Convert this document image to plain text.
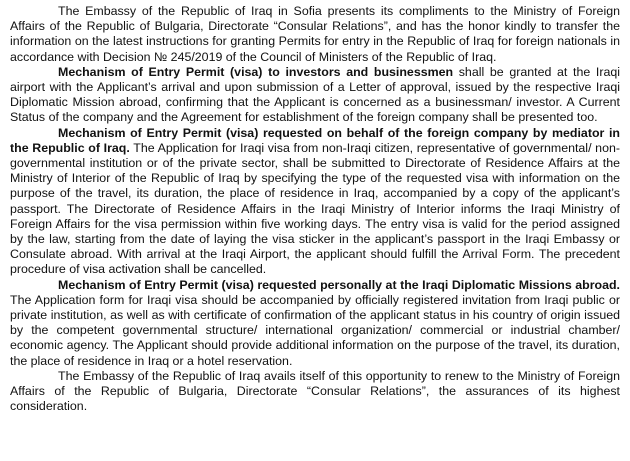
The Embassy of the Republic of Iraq in Sofia presents its compliments to the Ministry of Foreign Affairs of the Republic of Bulgaria, Directorate “Consular Relations”, and has the honor kindly to transfer the information on the latest instructions for granting Permits for entry in the Republic of Iraq for foreign nationals in accordance with Decision № 245/2019 of the Council of Ministers of the Republic of Iraq.

Mechanism of Entry Permit (visa) to investors and businessmen shall be granted at the Iraqi airport with the Applicant’s arrival and upon submission of a Letter of approval, issued by the respective Iraqi Diplomatic Mission abroad, confirming that the Applicant is concerned as a businessman/ investor. A Current Status of the company and the Agreement for establishment of the foreign company shall be presented too.

Mechanism of Entry Permit (visa) requested on behalf of the foreign company by mediator in the Republic of Iraq. The Application for Iraqi visa from non-Iraqi citizen, representative of governmental/ non-governmental institution or of the private sector, shall be submitted to Directorate of Residence Affairs at the Ministry of Interior of the Republic of Iraq by specifying the type of the requested visa with information on the purpose of the travel, its duration, the place of residence in Iraq, accompanied by a copy of the applicant’s passport. The Directorate of Residence Affairs in the Iraqi Ministry of Interior informs the Iraqi Ministry of Foreign Affairs for the visa permission within five working days. The entry visa is valid for the period assigned by the law, starting from the date of laying the visa sticker in the applicant’s passport in the Iraqi Embassy or Consulate abroad. With arrival at the Iraqi Airport, the applicant should fulfill the Arrival Form. The precedent procedure of visa activation shall be cancelled.

Mechanism of Entry Permit (visa) requested personally at the Iraqi Diplomatic Missions abroad. The Application form for Iraqi visa should be accompanied by officially registered invitation from Iraqi public or private institution, as well as with certificate of confirmation of the applicant status in his country of origin issued by the competent governmental structure/ international organization/ commercial or industrial chamber/ economic agency. The Applicant should provide additional information on the purpose of the travel, its duration, the place of residence in Iraq or a hotel reservation.

The Embassy of the Republic of Iraq avails itself of this opportunity to renew to the Ministry of Foreign Affairs of the Republic of Bulgaria, Directorate “Consular Relations”, the assurances of its highest consideration.
